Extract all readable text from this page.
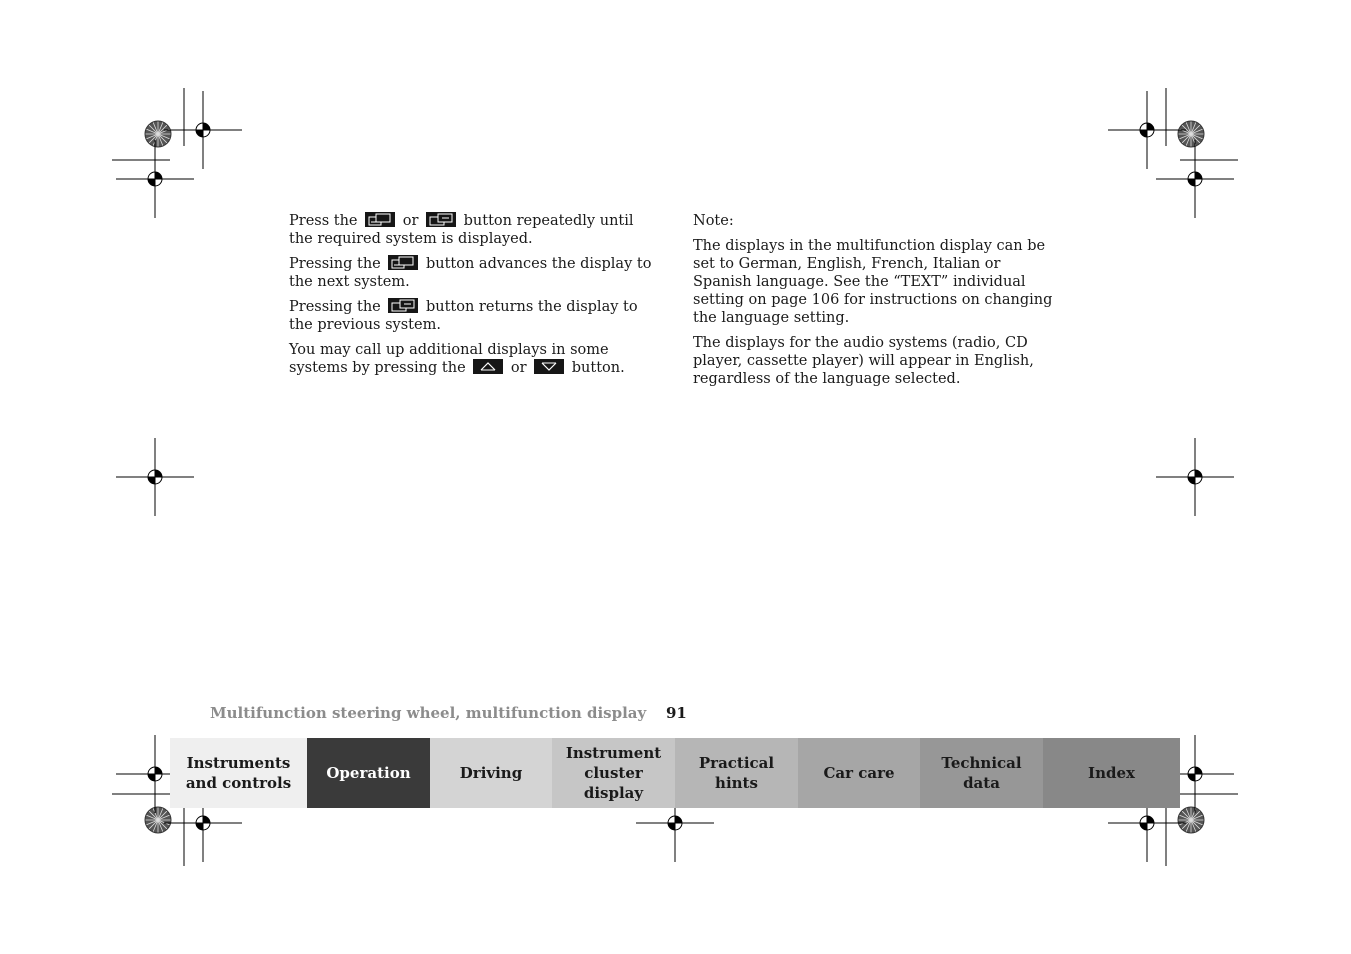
Press the	or	button repeatedly until the required system is displayed.

Pressing the	button advances the display to the next system.

Pressing the	button returns the display to the previous system.

You may call up additional displays in some systems by pressing the	or	button.

Note:

The displays in the multifunction display can be set to German, English, French, Italian or Spanish language. See the “TEXT” individual setting on page 106 for instructions on changing the language setting.

The displays for the audio systems (radio, CD player, cassette player) will appear in English, regardless of the language selected.

Multifunction steering wheel, multifunction display 91
Instruments
and controls
Operation	Driving
Instrument
cluster display
Practical hints
Car care
Technical
data
Index
